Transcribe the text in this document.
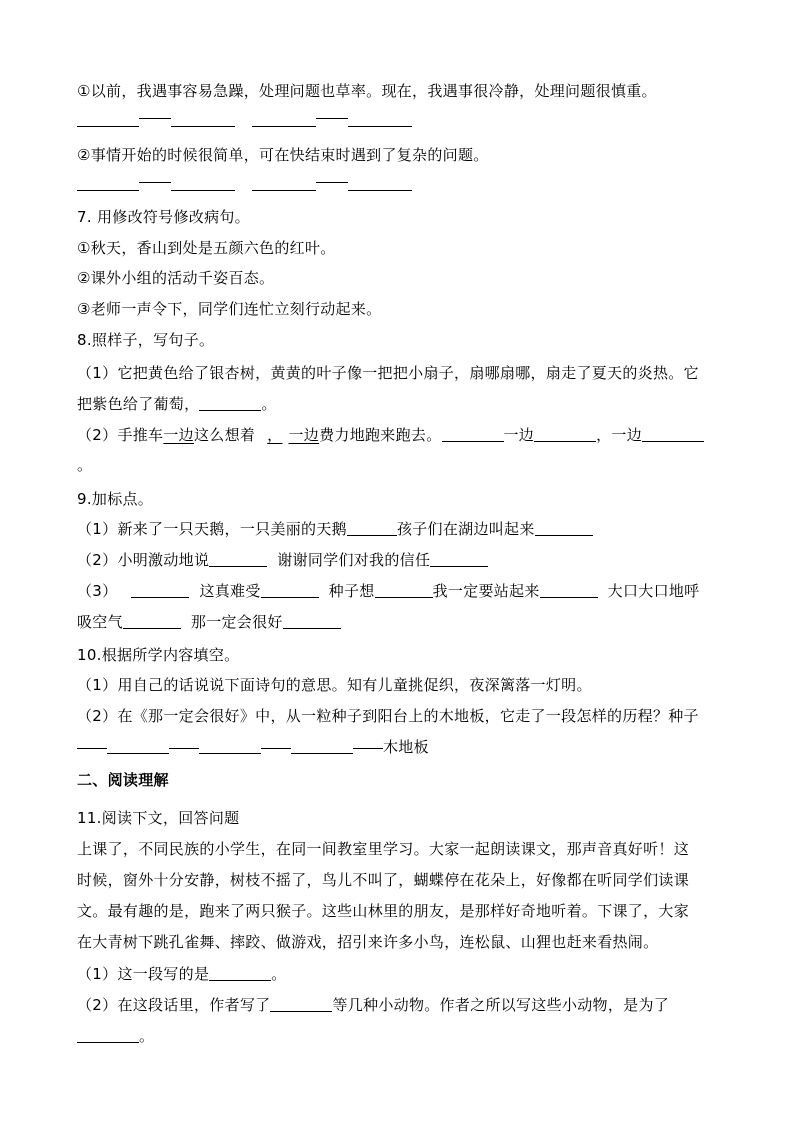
①以前，我遇事容易急躁，处理问题也草率。现在，我遇事很冷静，处理问题很慎重。
②事情开始的时候很简单，可在快结束时遇到了复杂的问题。
7. 用修改符号修改病句。
①秋天，香山到处是五颜六色的红叶。
②课外小组的活动千姿百态。
③老师一声令下，同学们连忙立刻行动起来。
8.照样子，写句子。
（1）它把黄色给了银杏树，黄黄的叶子像一把把小扇子，扇哪扇哪，扇走了夏天的炎热。它
把紫色给了葡萄，	。
（2）手推车一边这么想着 ， 一边费力地跑来跑去。	一边	，一边
。
9.加标点。
（1）新来了一只天鹅，一只美丽的天鹅	孩子们在湖边叫起来
（2）小明激动地说	谢谢同学们对我的信任
（3）	这真难受	种子想	我一定要站起来	大口大口地呼
吸空气	那一定会很好
10.根据所学内容填空。
（1）用自己的话说说下面诗句的意思。知有儿童挑促织，夜深篱落一灯明。
（2）在《那一定会很好》中，从一粒种子到阳台上的木地板，它走了一段怎样的历程？种子
木地板
二、阅读理解
11.阅读下文，回答问题
上课了，不同民族的小学生，在同一间教室里学习。大家一起朗读课文，那声音真好听！这
时候，窗外十分安静，树枝不摇了，鸟儿不叫了，蝴蝶停在花朵上，好像都在听同学们读课
文。最有趣的是，跑来了两只猴子。这些山林里的朋友，是那样好奇地听着。下课了，大家
在大青树下跳孔雀舞、摔跤、做游戏，招引来许多小鸟，连松鼠、山狸也赶来看热闹。
（1）这一段写的是	。
（2）在这段话里，作者写了	等几种小动物。作者之所以写这些小动物，是为了
。
